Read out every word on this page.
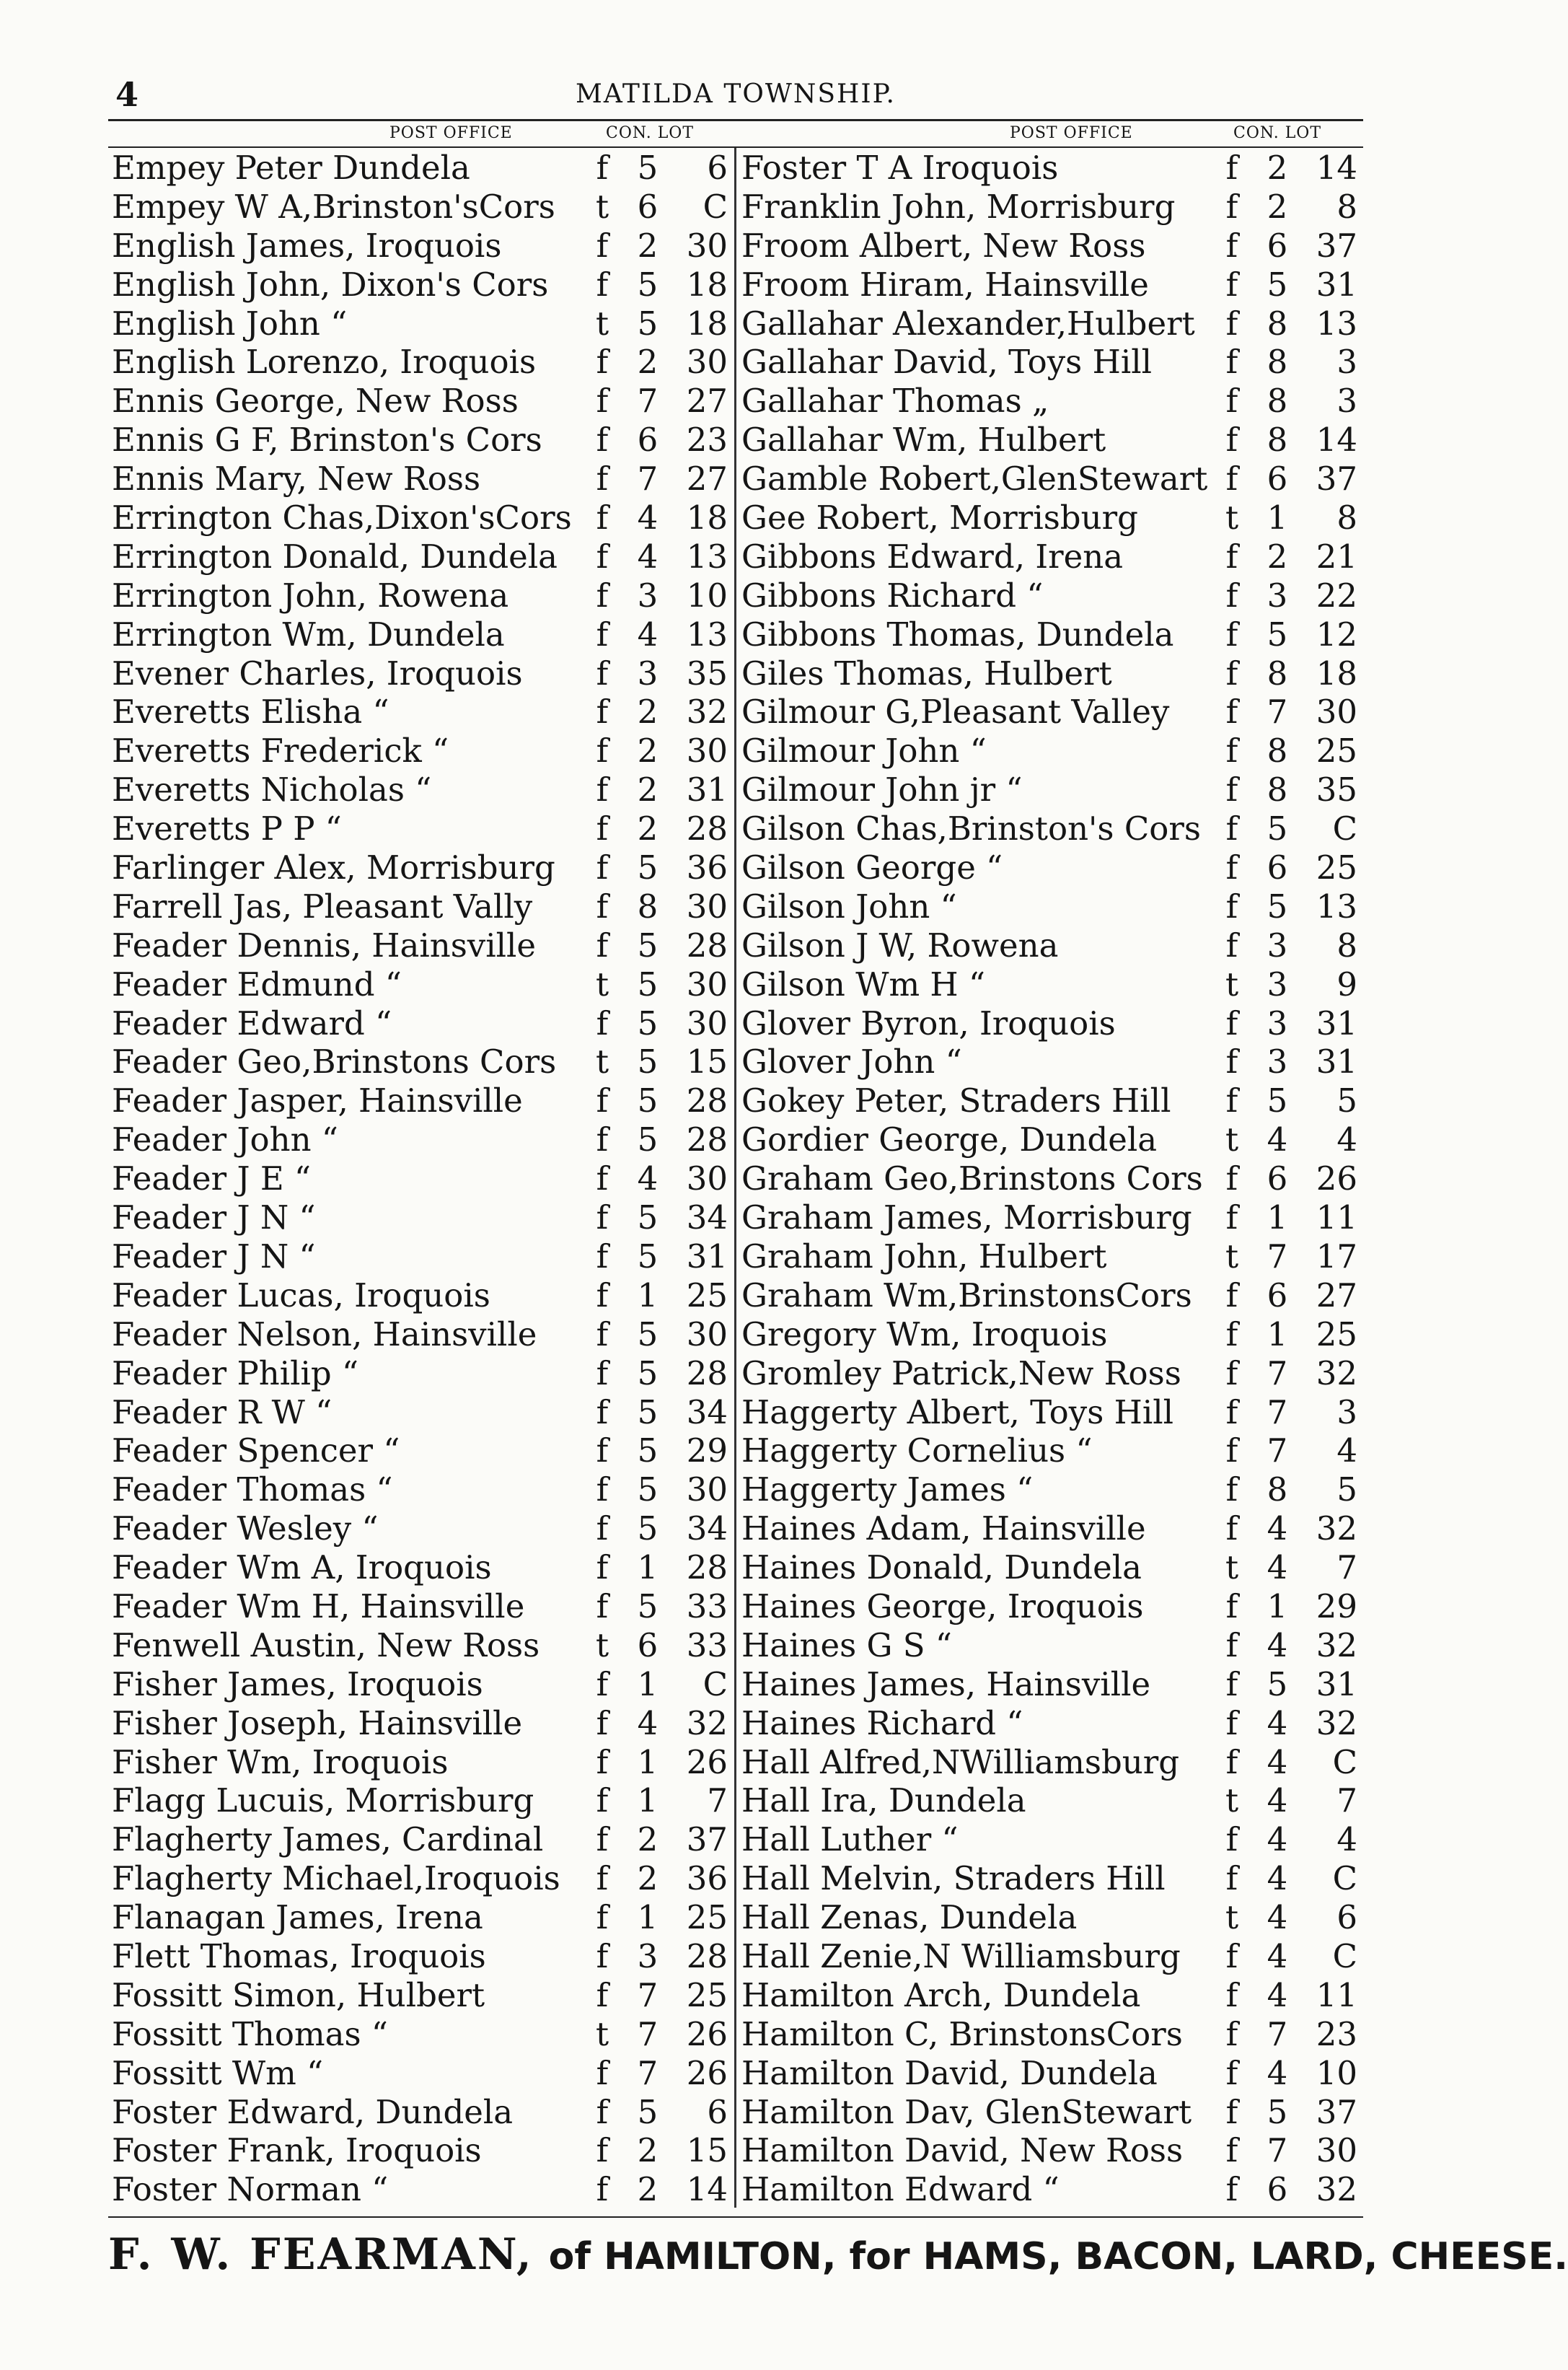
4	MATILDA TOWNSHIP.
POST OFFICE	CON. LOT	POST OFFICE	CON. LOT
Empey Peter Dundela	f 5	6
Empey W A,Brinston'sCors t 6	C
English James, Iroquois	f 2 30
English John, Dixon's Cors f 5 18
English John “	t 5 18
English Lorenzo, Iroquois f 2 30
Ennis George, New Ross f 7 27
Ennis G F, Brinston's Cors f 6 23
Ennis Mary, New Ross	f 7 27
Errington Chas,Dixon'sCors f 4 18
Errington Donald, Dundela f 4 13
Errington John, Rowena	f 3 10
Errington Wm, Dundela	f 4 13
Evener Charles, Iroquois f 3 35
Everetts Elisha “	f 2 32
Everetts Frederick “	f 2 30
Everetts Nicholas “	f 2 31
Everetts P P “	f 2 28
Farlinger Alex, Morrisburg f 5 36
Farrell Jas, Pleasant Vally f 8 30
Feader Dennis, Hainsville f 5 28
Feader Edmund “	t 5 30
Feader Edward “	f 5 30
Feader Geo,Brinstons Cors t 5 15
Feader Jasper, Hainsville f 5 28
Feader John “	f 5 28
Feader J E “	f 4 30
Feader J N “	f 5 34
Feader J N “	f 5 31
Feader Lucas, Iroquois	f 1 25
Feader Nelson, Hainsville f 5 30
Feader Philip “	f 5 28
Feader R W “	f 5 34
Feader Spencer “	f 5 29
Feader Thomas “	f 5 30
Feader Wesley “	f 5 34
Feader Wm A, Iroquois	f 1 28
Feader Wm H, Hainsville f 5 33
Fenwell Austin, New Ross t 6 33
Fisher James, Iroquois	f 1	C
Fisher Joseph, Hainsville f 4 32
Fisher Wm, Iroquois	f 1 26
Flagg Lucuis, Morrisburg f 1	7
Flagherty James, Cardinal f 2 37
Flagherty Michael,Iroquois f 2 36
Flanagan James, Irena	f 1 25
Flett Thomas, Iroquois	f 3 28
Fossitt Simon, Hulbert	f 7 25
Fossitt Thomas “	t 7 26
Fossitt Wm “	f 7 26
Foster Edward, Dundela	f 5	6
Foster Frank, Iroquois	f 2 15
Foster Norman “	f 2 14
Foster T A Iroquois	f 2 14
Franklin John, Morrisburg f 2	8
Froom Albert, New Ross f 6 37
Froom Hiram, Hainsville f 5 31
Gallahar Alexander,Hulbert f 8 13
Gallahar David, Toys Hill f 8	3
Gallahar Thomas „	f 8	3
Gallahar Wm, Hulbert	f 8 14
Gamble Robert,GlenStewart f 6 37
Gee Robert, Morrisburg	t 1	8
Gibbons Edward, Irena	f 2 21
Gibbons Richard “	f 3 22
Gibbons Thomas, Dundela f 5 12
Giles Thomas, Hulbert	f 8 18
Gilmour G,Pleasant Valley f 7 30
Gilmour John “	f 8 25
Gilmour John jr “	f 8 35
Gilson Chas,Brinston's Cors f 5	C
Gilson George “	f 6 25
Gilson John “	f 5 13
Gilson J W, Rowena	f 3	8
Gilson Wm H “	t 3	9
Glover Byron, Iroquois	f 3 31
Glover John “	f 3 31
Gokey Peter, Straders Hill f 5	5
Gordier George, Dundela t 4	4
Graham Geo,Brinstons Cors f 6 26
Graham James, Morrisburg f 1 11
Graham John, Hulbert	t 7 17
Graham Wm,BrinstonsCors f 6 27
Gregory Wm, Iroquois	f 1 25
Gromley Patrick,New Ross f 7 32
Haggerty Albert, Toys Hill f 7	3
Haggerty Cornelius “	f 7	4
Haggerty James “	f 8	5
Haines Adam, Hainsville f 4 32
Haines Donald, Dundela	t 4	7
Haines George, Iroquois	f 1 29
Haines G S “	f 4 32
Haines James, Hainsville f 5 31
Haines Richard “	f 4 32
Hall Alfred,NWilliamsburg f 4	C
Hall Ira, Dundela	t 4	7
Hall Luther “	f 4	4
Hall Melvin, Straders Hill f 4	C
Hall Zenas, Dundela	t 4	6
Hall Zenie,N Williamsburg f 4	C
Hamilton Arch, Dundela	f 4 11
Hamilton C, BrinstonsCors f 7 23
Hamilton David, Dundela f 4 10
Hamilton Dav, GlenStewart f 5 37
Hamilton David, New Ross f 7 30
Hamilton Edward “	f 6 32
F. W. FEARMAN, of HAMILTON, for HAMS, BACON, LARD, CHEESE.
